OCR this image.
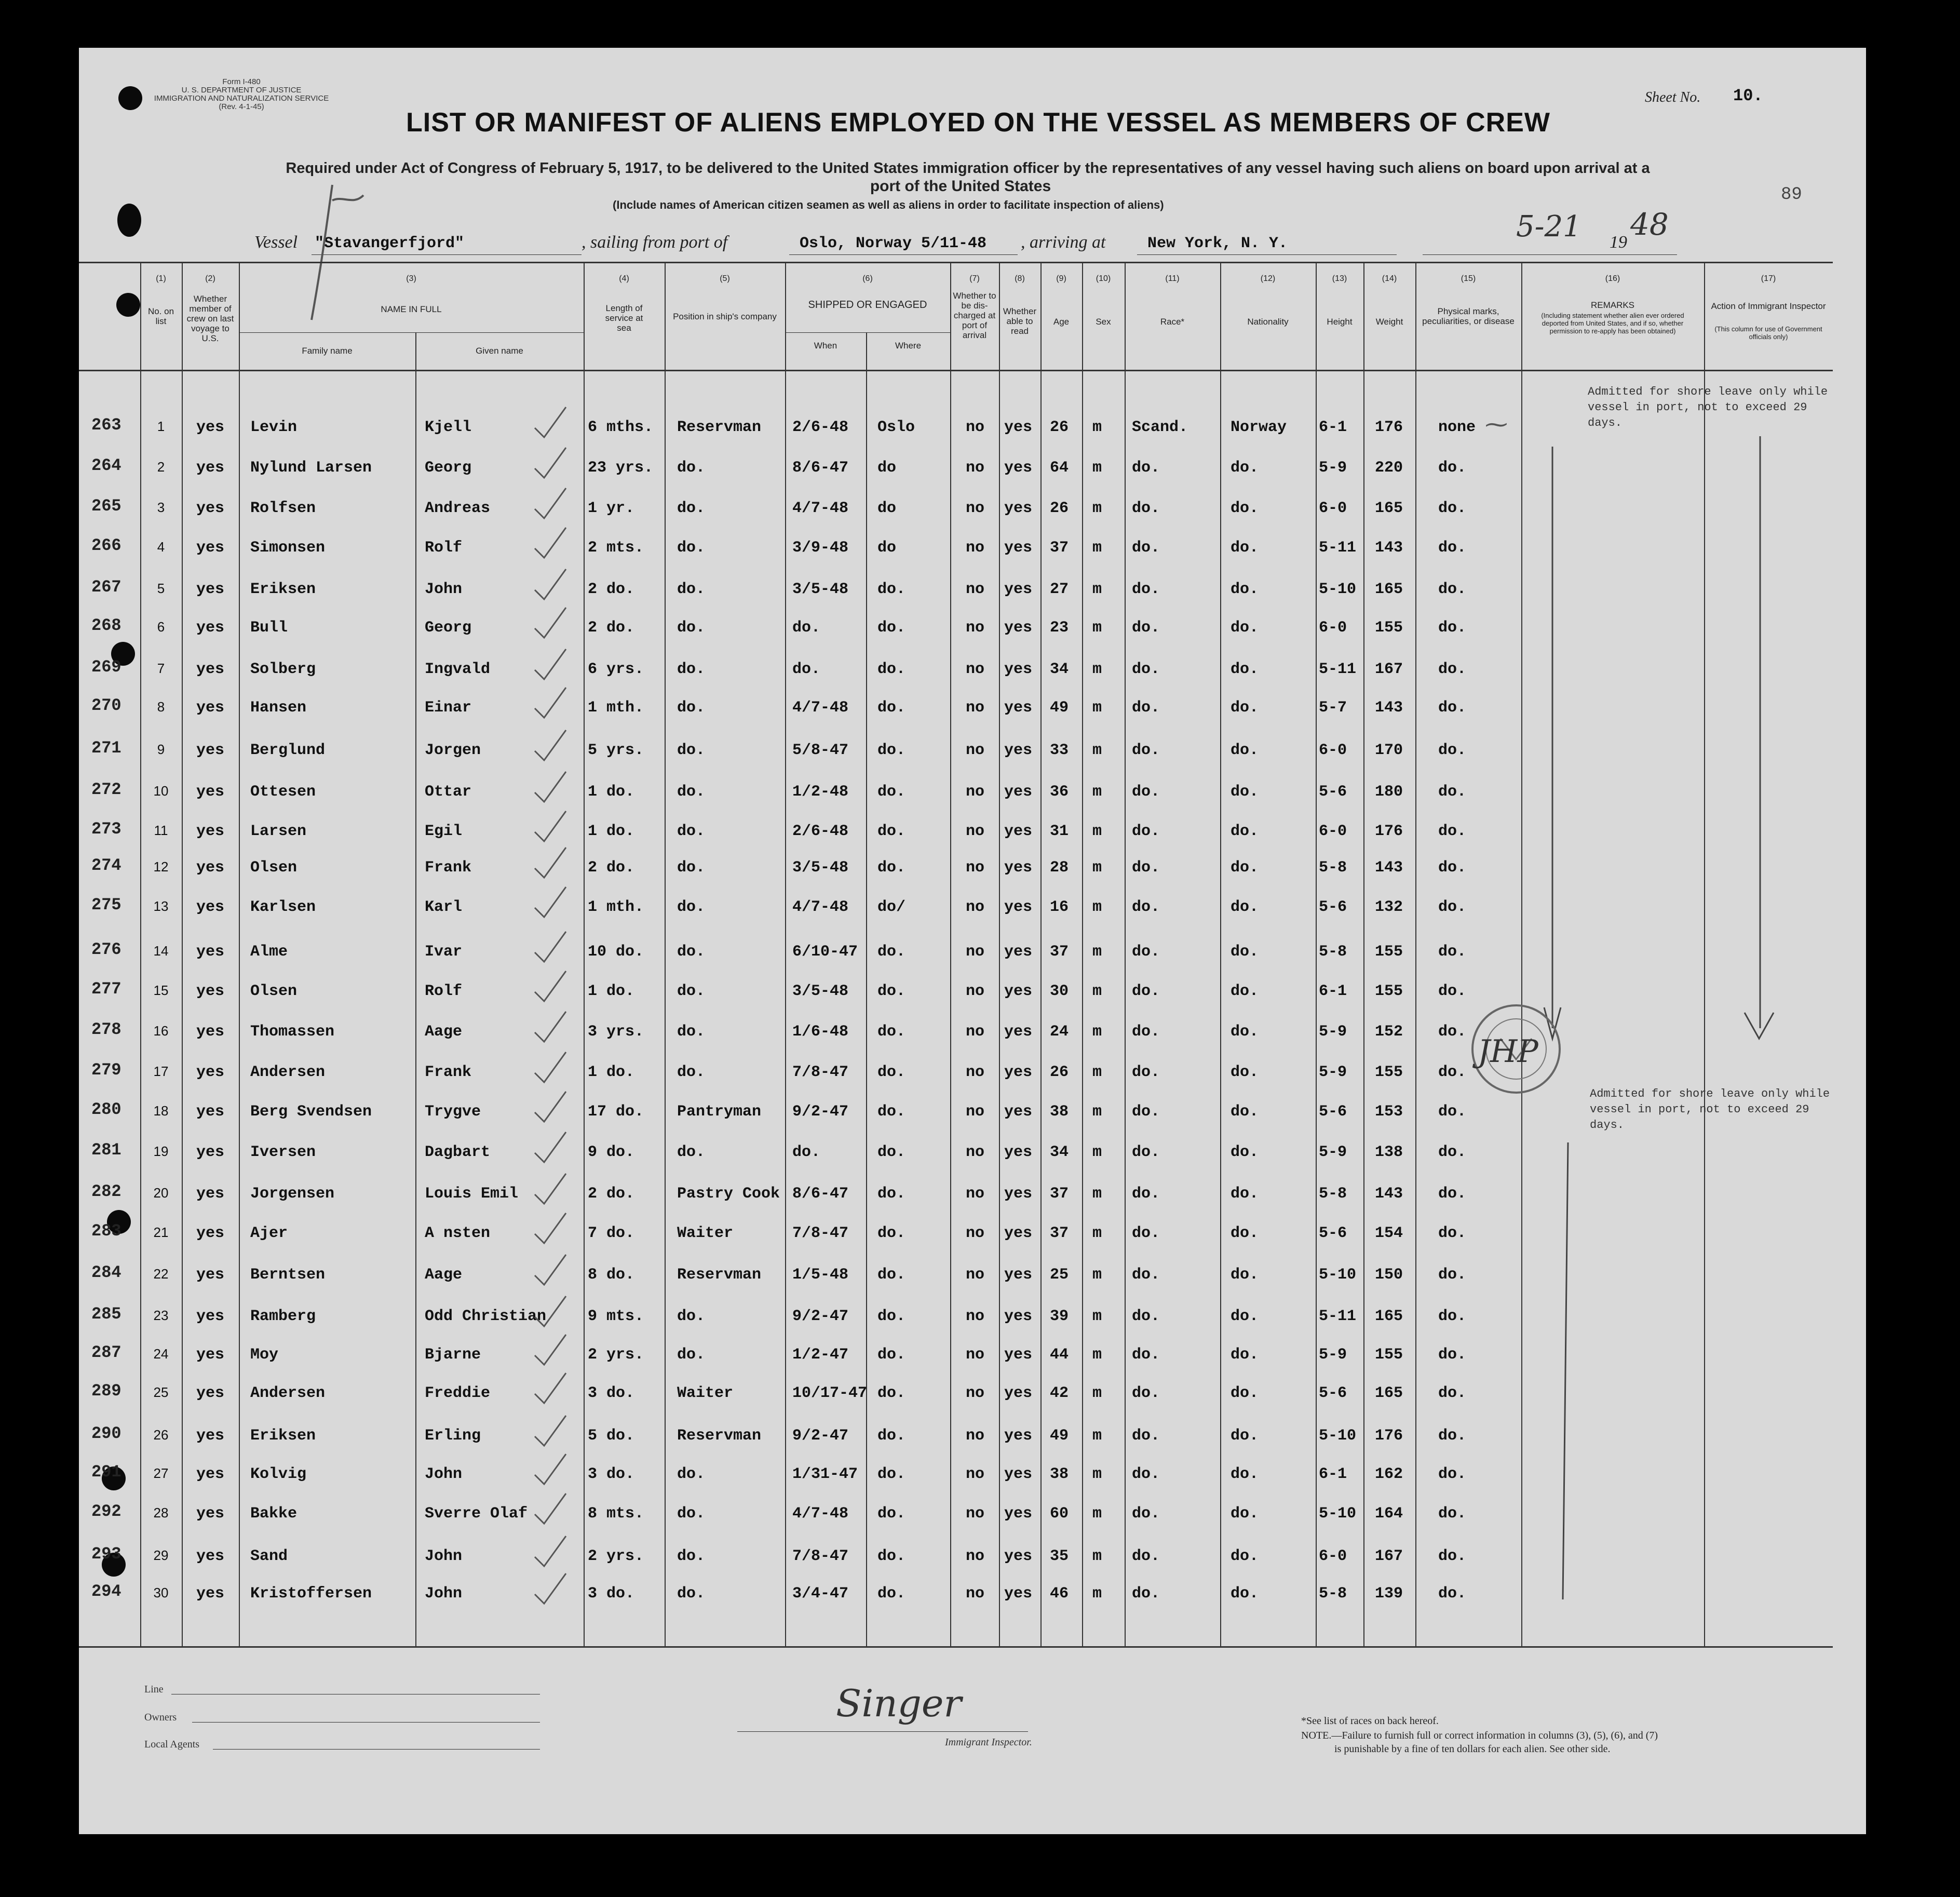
Form I-480
U. S. DEPARTMENT OF JUSTICE
IMMIGRATION AND NATURALIZATION SERVICE
(Rev. 4-1-45)
Sheet No. 10.
89
LIST OR MANIFEST OF ALIENS EMPLOYED ON THE VESSEL AS MEMBERS OF CREW
Required under Act of Congress of February 5, 1917, to be delivered to the United States immigration officer by the representatives of any vessel having such aliens on board upon arrival at a
port of the United States
(Include names of American citizen seamen as well as aliens in order to facilitate inspection of aliens)
Vessel "Stavangerfjord"	, sailing from port of	Oslo, Norway 5/11-48 , arriving at	New York, N. Y.	5-21 19
48
(1)	(2)	(3)	(4)	(5)	(6)	(7)	(8)	(9)	(10)	(11)	(12)	(13)	(14)	(15)	(16)	(17)
No. on list
Whether member of crew on last voyage to U.S.
NAME IN FULL
Family name	Given name
Length of service at sea
Position in ship's company
SHIPPED OR ENGAGED
When	Where
Whether to be dis-charged at port of arrival
Whether able to read
Age	Sex	Race*	Nationality	Height	Weight
Physical marks, peculiarities, or disease
REMARKS
(Including statement whether alien ever ordered deported from United States, and if so, whether permission to re-apply has been obtained)
Action of Immigrant Inspector
(This column for use of Government officials only)
263	1	yes	Levin	Kjell	6 mths.	Reservman	2/6-48	Oslo	no	yes	26	m	Scand.	Norway	6-1	176	none
264	2	yes	Nylund Larsen	Georg	23 yrs.	do.	8/6-47	do	no	yes	64	m	do.	do.	5-9	220	do.
265	3	yes	Rolfsen	Andreas	1 yr.	do.	4/7-48	do	no	yes	26	m	do.	do.	6-0	165	do.
266	4	yes	Simonsen	Rolf	2 mts.	do.	3/9-48	do	no	yes	37	m	do.	do.	5-11	143	do.
267	5	yes	Eriksen	John	2 do.	do.	3/5-48	do.	no	yes	27	m	do.	do.	5-10	165	do.
268	6	yes	Bull	Georg	2 do.	do.	do.	do.	no	yes	23	m	do.	do.	6-0	155	do.
269	7	yes	Solberg	Ingvald	6 yrs.	do.	do.	do.	no	yes	34	m	do.	do.	5-11	167	do.
270	8	yes	Hansen	Einar	1 mth.	do.	4/7-48	do.	no	yes	49	m	do.	do.	5-7	143	do.
271	9	yes	Berglund	Jorgen	5 yrs.	do.	5/8-47	do.	no	yes	33	m	do.	do.	6-0	170	do.
272	10	yes	Ottesen	Ottar	1 do.	do.	1/2-48	do.	no	yes	36	m	do.	do.	5-6	180	do.
273	11	yes	Larsen	Egil	1 do.	do.	2/6-48	do.	no	yes	31	m	do.	do.	6-0	176	do.
274	12	yes	Olsen	Frank	2 do.	do.	3/5-48	do.	no	yes	28	m	do.	do.	5-8	143	do.
275	13	yes	Karlsen	Karl	1 mth.	do.	4/7-48	do/	no	yes	16	m	do.	do.	5-6	132	do.
276	14	yes	Alme	Ivar	10 do.	do.	6/10-47	do.	no	yes	37	m	do.	do.	5-8	155	do.
277	15	yes	Olsen	Rolf	1 do.	do.	3/5-48	do.	no	yes	30	m	do.	do.	6-1	155	do.
278	16	yes	Thomassen	Aage	3 yrs.	do.	1/6-48	do.	no	yes	24	m	do.	do.	5-9	152	do.
279	17	yes	Andersen	Frank	1 do.	do.	7/8-47	do.	no	yes	26	m	do.	do.	5-9	155	do.
280	18	yes	Berg Svendsen	Trygve	17 do.	Pantryman	9/2-47	do.	no	yes	38	m	do.	do.	5-6	153	do.
281	19	yes	Iversen	Dagbart	9 do.	do.	do.	do.	no	yes	34	m	do.	do.	5-9	138	do.
282	20	yes	Jorgensen	Louis Emil	2 do.	Pastry Cook 8/6-47	do.	no	yes	37	m	do.	do.	5-8	143	do.
283	21	yes	Ajer	A nsten	7 do.	Waiter	7/8-47	do.	no	yes	37	m	do.	do.	5-6	154	do.
284	22	yes	Berntsen	Aage	8 do.	Reservman	1/5-48	do.	no	yes	25	m	do.	do.	5-10	150	do.
285	23	yes	Ramberg	Odd Christian	9 mts.	do.	9/2-47	do.	no	yes	39	m	do.	do.	5-11	165	do.
287	24	yes	Moy	Bjarne	2 yrs.	do.	1/2-47	do.	no	yes	44	m	do.	do.	5-9	155	do.
289	25	yes	Andersen	Freddie	3 do.	Waiter	10/17-47 do.	no	yes	42	m	do.	do.	5-6	165	do.
290	26	yes	Eriksen	Erling	5 do.	Reservman	9/2-47	do.	no	yes	49	m	do.	do.	5-10	176	do.
291	27	yes	Kolvig	John	3 do.	do.	1/31-47	do.	no	yes	38	m	do.	do.	6-1	162	do.
292	28	yes	Bakke	Sverre Olaf	8 mts.	do.	4/7-48	do.	no	yes	60	m	do.	do.	5-10	164	do.
293	29	yes	Sand	John	2 yrs.	do.	7/8-47	do.	no	yes	35	m	do.	do.	6-0	167	do.
294	30	yes	Kristoffersen	John	3 do.	do.	3/4-47	do.	no	yes	46	m	do.	do.	5-8	139	do.
Admitted for shore leave only while vessel in port, not to exceed 29 days.
Admitted for shore leave only while vessel in port, not to exceed 29 days.
JHP
⁓
Line
Owners
Local Agents
Singer
Immigrant Inspector.
*See list of races on back hereof.
NOTE.—Failure to furnish full or correct information in columns (3), (5), (6), and (7)
is punishable by a fine of ten dollars for each alien. See other side.
